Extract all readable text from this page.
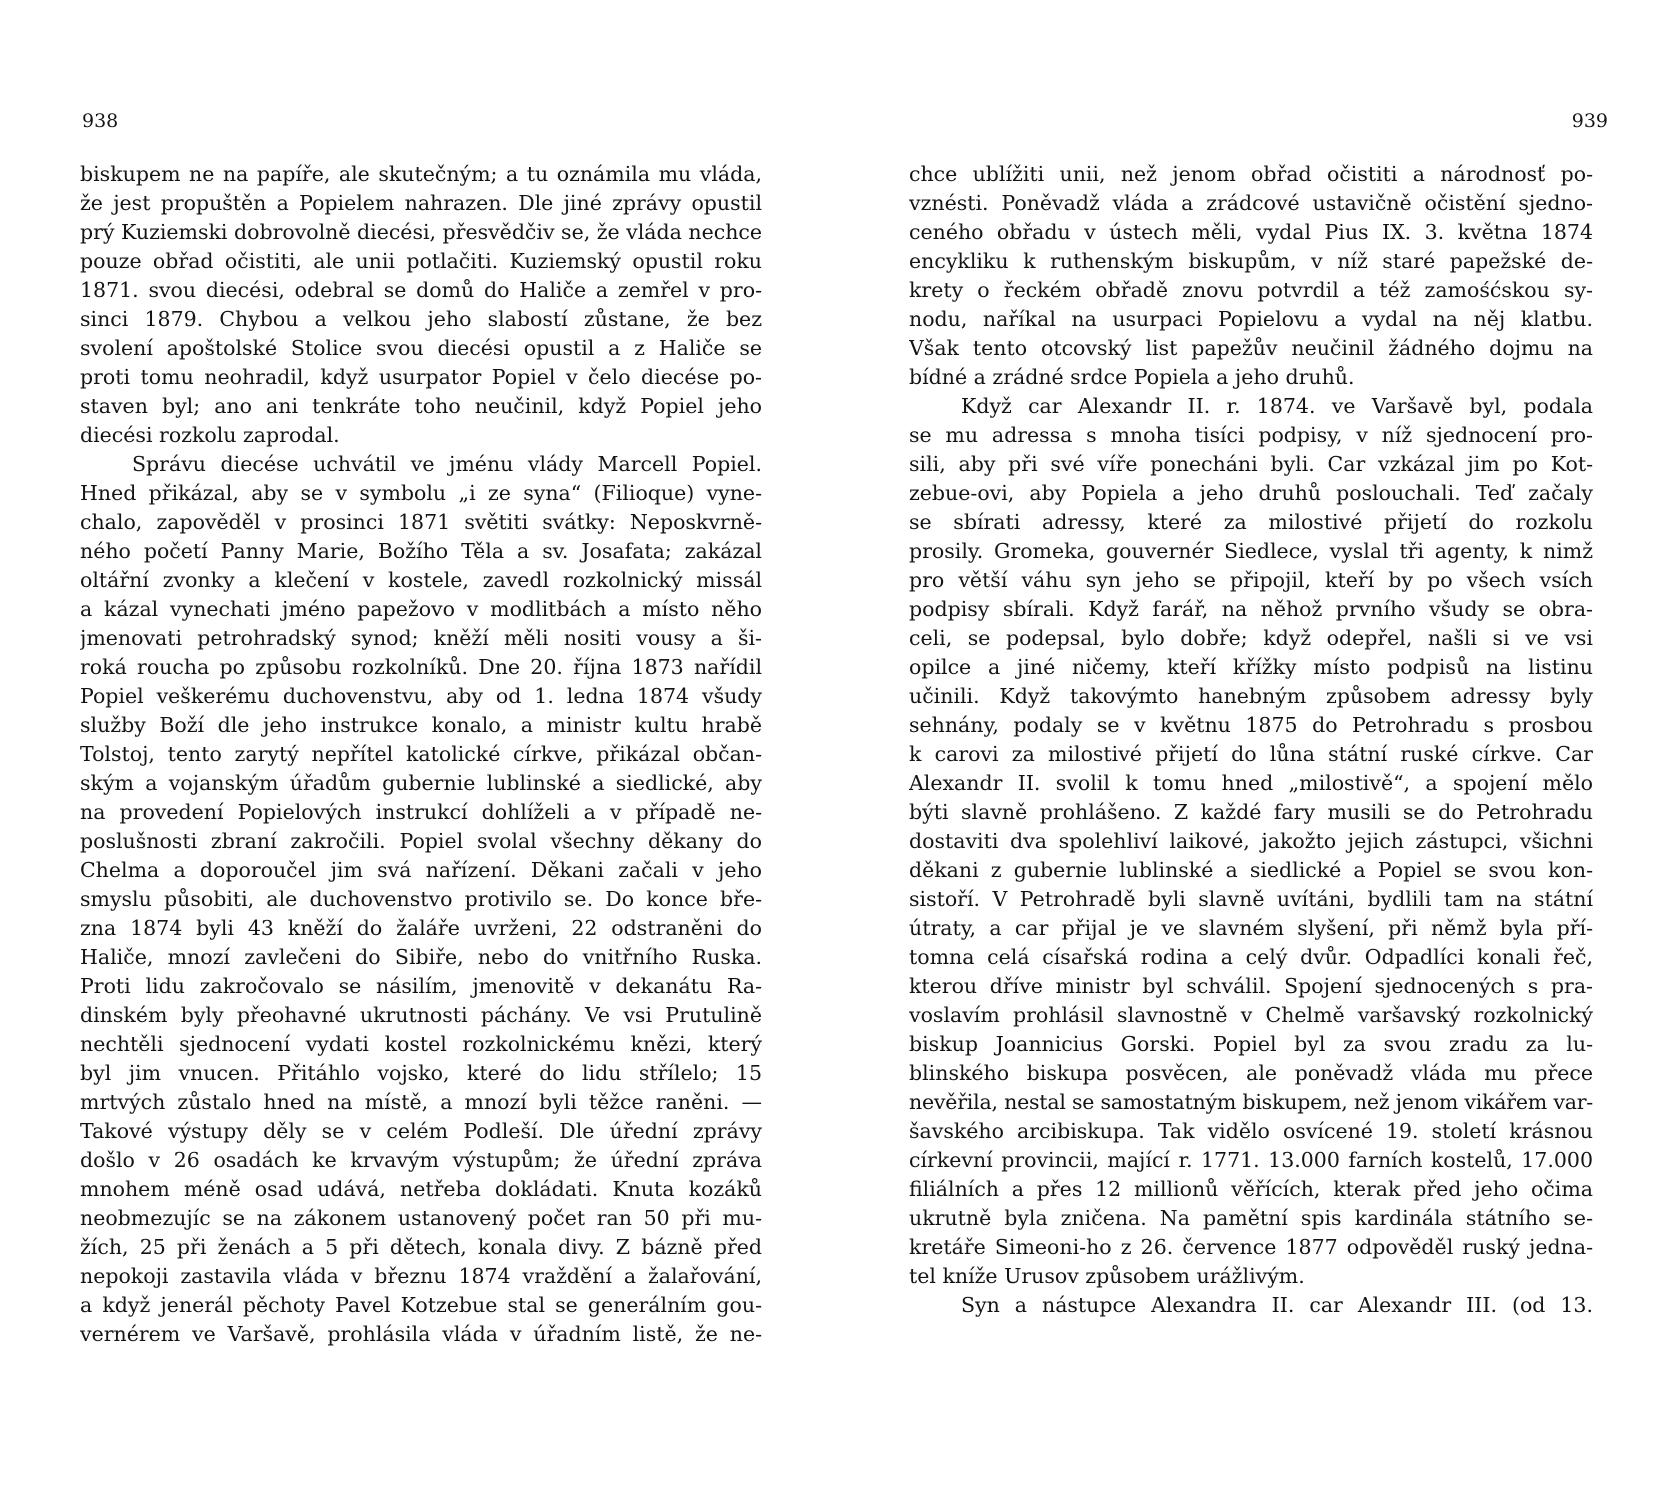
938
biskupem ne na papíře, ale skutečným; a tu oznámila mu vláda,
že jest propuštěn a Popielem nahrazen. Dle jiné zprávy opustil
prý Kuziemski dobrovolně diecési, přesvědčiv se, že vláda nechce
pouze obřad očistiti, ale unii potlačiti. Kuziemský opustil roku
1871. svou diecési, odebral se domů do Haliče a zemřel v pro-
sinci 1879. Chybou a velkou jeho slabostí zůstane, že bez
svolení apoštolské Stolice svou diecési opustil a z Haliče se
proti tomu neohradil, když usurpator Popiel v čelo diecése po-
staven byl; ano ani tenkráte toho neučinil, když Popiel jeho
diecési rozkolu zaprodal.
Správu diecése uchvátil ve jménu vlády Marcell Popiel.
Hned přikázal, aby se v symbolu „i ze syna“ (Filioque) vyne-
chalo, zapověděl v prosinci 1871 světiti svátky: Neposkvrně-
ného početí Panny Marie, Božího Těla a sv. Josafata; zakázal
oltářní zvonky a klečení v kostele, zavedl rozkolnický missál
a kázal vynechati jméno papežovo v modlitbách a místo něho
jmenovati petrohradský synod; kněží měli nositi vousy a ši-
roká roucha po způsobu rozkolníků. Dne 20. října 1873 nařídil
Popiel veškerému duchovenstvu, aby od 1. ledna 1874 všudy
služby Boží dle jeho instrukce konalo, a ministr kultu hrabě
Tolstoj, tento zarytý nepřítel katolické církve, přikázal občan-
ským a vojanským úřadům gubernie lublinské a siedlické, aby
na provedení Popielových instrukcí dohlíželi a v případě ne-
poslušnosti zbraní zakročili. Popiel svolal všechny děkany do
Chelma a doporoučel jim svá nařízení. Děkani začali v jeho
smyslu působiti, ale duchovenstvo protivilo se. Do konce bře-
zna 1874 byli 43 kněží do žaláře uvrženi, 22 odstraněni do
Haliče, mnozí zavlečeni do Sibiře, nebo do vnitřního Ruska.
Proti lidu zakročovalo se násilím, jmenovitě v dekanátu Ra-
dinském byly přeohavné ukrutnosti páchány. Ve vsi Prutulině
nechtěli sjednocení vydati kostel rozkolnickému knězi, který
byl jim vnucen. Přitáhlo vojsko, které do lidu střílelo; 15
mrtvých zůstalo hned na místě, a mnozí byli těžce raněni. —
Takové výstupy děly se v celém Podleší. Dle úřední zprávy
došlo v 26 osadách ke krvavým výstupům; že úřední zpráva
mnohem méně osad udává, netřeba dokládati. Knuta kozáků
neobmezujíc se na zákonem ustanovený počet ran 50 při mu-
žích, 25 při ženách a 5 při dětech, konala divy. Z bázně před
nepokoji zastavila vláda v březnu 1874 vraždění a žalařování,
a když jenerál pěchoty Pavel Kotzebue stal se generálním gou-
vernérem ve Varšavě, prohlásila vláda v úřadním listě, že ne-
939
chce ublížiti unii, než jenom obřad očistiti a národnosť po-
vznésti. Poněvadž vláda a zrádcové ustavičně očistění sjedno-
ceného obřadu v ústech měli, vydal Pius IX. 3. května 1874
encykliku k ruthenským biskupům, v níž staré papežské de-
krety o řeckém obřadě znovu potvrdil a též zamośćskou sy-
nodu, naříkal na usurpaci Popielovu a vydal na něj klatbu.
Však tento otcovský list papežův neučinil žádného dojmu na
bídné a zrádné srdce Popiela a jeho druhů.
Když car Alexandr II. r. 1874. ve Varšavě byl, podala
se mu adressa s mnoha tisíci podpisy, v níž sjednocení pro-
sili, aby při své víře ponecháni byli. Car vzkázal jim po Kot-
zebue-ovi, aby Popiela a jeho druhů poslouchali. Teď začaly
se sbírati adressy, které za milostivé přijetí do rozkolu
prosily. Gromeka, gouvernér Siedlece, vyslal tři agenty, k nimž
pro větší váhu syn jeho se připojil, kteří by po všech vsích
podpisy sbírali. Když farář, na něhož prvního všudy se obra-
celi, se podepsal, bylo dobře; když odepřel, našli si ve vsi
opilce a jiné ničemy, kteří křížky místo podpisů na listinu
učinili. Když takovýmto hanebným způsobem adressy byly
sehnány, podaly se v květnu 1875 do Petrohradu s prosbou
k carovi za milostivé přijetí do lůna státní ruské církve. Car
Alexandr II. svolil k tomu hned „milostivě“, a spojení mělo
býti slavně prohlášeno. Z každé fary musili se do Petrohradu
dostaviti dva spolehliví laikové, jakožto jejich zástupci, všichni
děkani z gubernie lublinské a siedlické a Popiel se svou kon-
sistoří. V Petrohradě byli slavně uvítáni, bydlili tam na státní
útraty, a car přijal je ve slavném slyšení, při němž byla pří-
tomna celá císařská rodina a celý dvůr. Odpadlíci konali řeč,
kterou dříve ministr byl schválil. Spojení sjednocených s pra-
voslavím prohlásil slavnostně v Chelmě varšavský rozkolnický
biskup Joannicius Gorski. Popiel byl za svou zradu za lu-
blinského biskupa posvěcen, ale poněvadž vláda mu přece
nevěřila, nestal se samostatným biskupem, než jenom vikářem var-
šavského arcibiskupa. Tak vidělo osvícené 19. století krásnou
církevní provincii, mající r. 1771. 13.000 farních kostelů, 17.000
filiálních a přes 12 millionů věřících, kterak před jeho očima
ukrutně byla zničena. Na pamětní spis kardinála státního se-
kretáře Simeoni-ho z 26. července 1877 odpověděl ruský jedna-
tel kníže Urusov způsobem urážlivým.
Syn a nástupce Alexandra II. car Alexandr III. (od 13.
